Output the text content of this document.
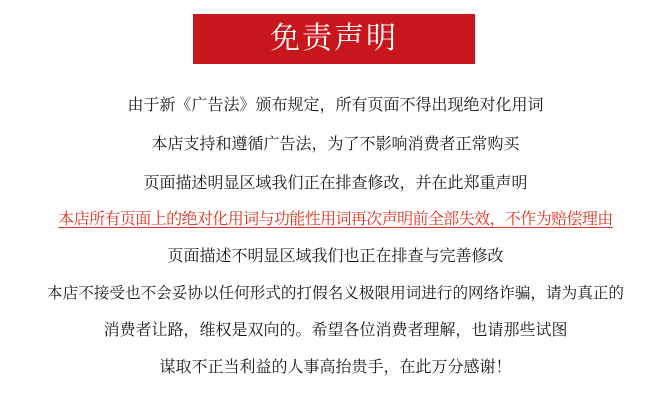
免责声明
由于新《广告法》颁布规定，所有页面不得出现绝对化用词
本店支持和遵循广告法，为了不影响消费者正常购买
页面描述明显区域我们正在排查修改，并在此郑重声明
本店所有页面上的绝对化用词与功能性用词再次声明前全部失效，不作为赔偿理由
页面描述不明显区域我们也正在排查与完善修改
本店不接受也不会妥协以任何形式的打假名义极限用词进行的网络诈骗，请为真正的
消费者让路，维权是双向的。希望各位消费者理解，也请那些试图
谋取不正当利益的人事高抬贵手，在此万分感谢！
